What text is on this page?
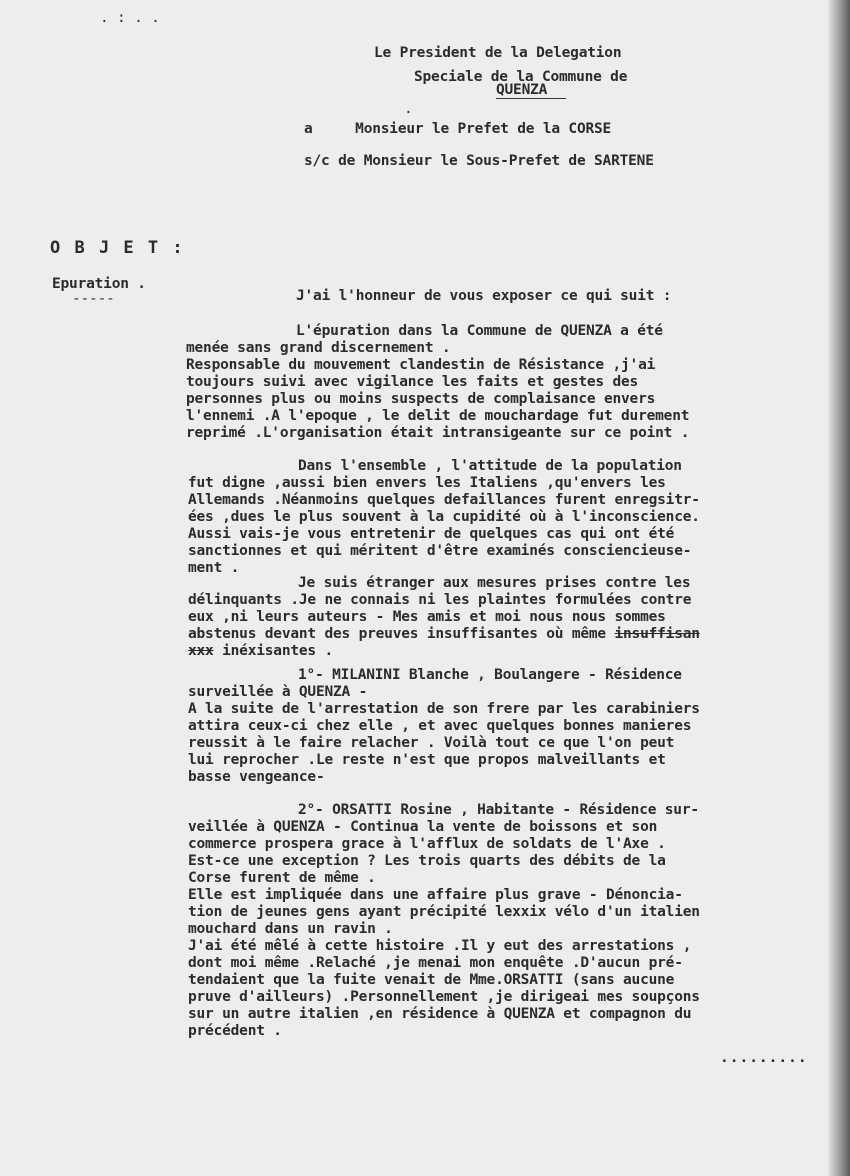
. : . .
Le President de la Delegation
Speciale de la Commune de
QUENZA
.
a     Monsieur le Prefet de la CORSE
s/c de Monsieur le Sous-Prefet de SARTENE
O B J E T :
Epuration .
-----	J'ai l'honneur de vous exposer ce qui suit :
L'épuration dans la Commune de QUENZA a été
menée sans grand discernement .
Responsable du mouvement clandestin de Résistance ,j'ai
toujours suivi avec vigilance les faits et gestes des
personnes plus ou moins suspects de complaisance envers
l'ennemi .A l'epoque , le delit de mouchardage fut durement
reprimé .L'organisation était intransigeante sur ce point .
Dans l'ensemble , l'attitude de la population
fut digne ,aussi bien envers les Italiens ,qu'envers les
Allemands .Néanmoins quelques defaillances furent enregsitr-
ées ,dues le plus souvent à la cupidité où à l'inconscience.
Aussi vais-je vous entretenir de quelques cas qui ont été
sanctionnes et qui méritent d'être examinés consciencieuse-
ment .
Je suis étranger aux mesures prises contre les
délinquants .Je ne connais ni les plaintes formulées contre
eux ,ni leurs auteurs - Mes amis et moi nous nous sommes
abstenus devant des preuves insuffisantes où même insuffisan
xxx inéxisantes .
1°- MILANINI Blanche , Boulangere - Résidence
surveillée à QUENZA -
A la suite de l'arrestation de son frere par les carabiniers
attira ceux-ci chez elle , et avec quelques bonnes manieres
reussit à le faire relacher . Voilà tout ce que l'on peut
lui reprocher .Le reste n'est que propos malveillants et
basse vengeance-
2°- ORSATTI Rosine , Habitante - Résidence sur-
veillée à QUENZA - Continua la vente de boissons et son
commerce prospera grace à l'afflux de soldats de l'Axe .
Est-ce une exception ? Les trois quarts des débits de la
Corse furent de même .
Elle est impliquée dans une affaire plus grave - Dénoncia-
tion de jeunes gens ayant précipité lexxix vélo d'un italien
mouchard dans un ravin .
J'ai été mêlé à cette histoire .Il y eut des arrestations ,
dont moi même .Relaché ,je menai mon enquête .D'aucun pré-
tendaient que la fuite venait de Mme.ORSATTI (sans aucune
pruve d'ailleurs) .Personnellement ,je dirigeai mes soupçons
sur un autre italien ,en résidence à QUENZA et compagnon du
précédent .
.........
